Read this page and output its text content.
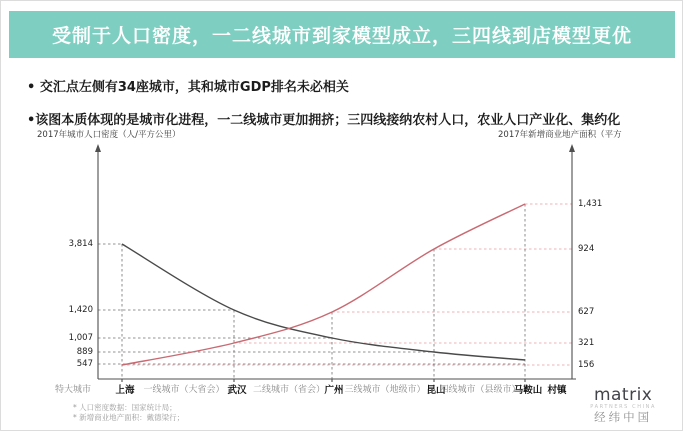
受制于人口密度，一二线城市到家模型成立，三四线到店模型更优
• 交汇点左侧有34座城市，其和城市GDP排名未必相关
•该图本质体现的是城市化进程，一二线城市更加拥挤；三四线接纳农村人口，农业人口产业化、集约化
2017年城市人口密度（人/平方公里）	2017年新增商业地产面积（平方
3,814
1,420
1,007
889
547
1,431
924
627
321
156
特大城市	上海 一线城市（大省会） 武汉 二线城市（省会） 广州 三线城市（地级市） 昆山
四线城市（县级市）
马鞍山 村镇
* 人口密度数据：国家统计局；
* 新增商业地产面积：戴德梁行；
matrix
PARTNERS CHINA
经纬中国
